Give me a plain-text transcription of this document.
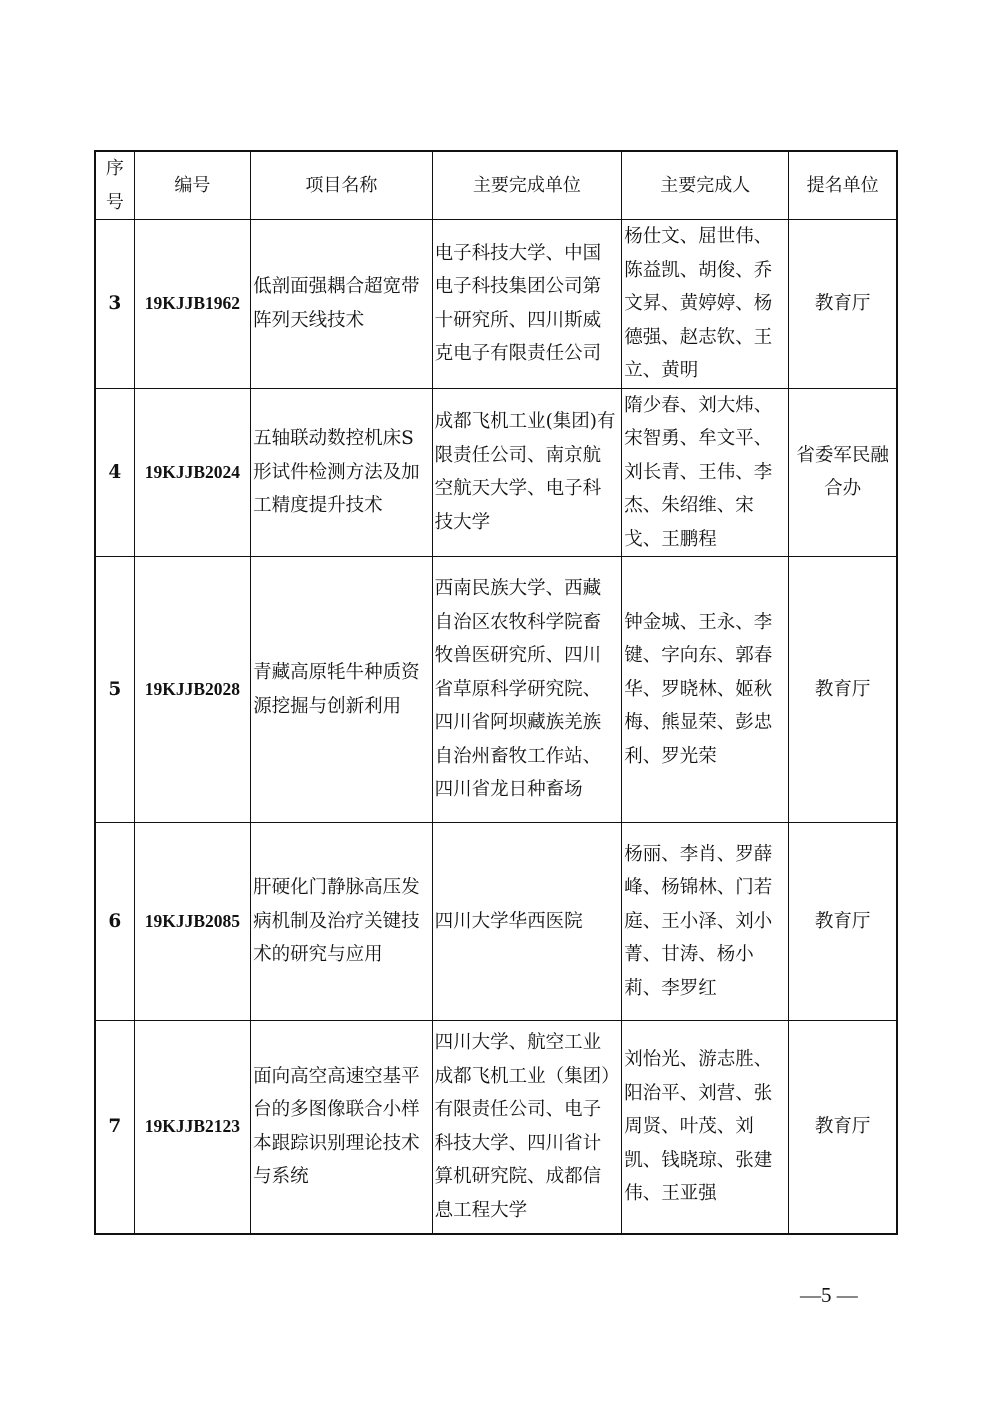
序号	编号	项目名称	主要完成单位	主要完成人	提名单位
3	19KJJB1962	低剖面强耦合超宽带阵列天线技术	电子科技大学、中国电子科技集团公司第十研究所、四川斯威克电子有限责任公司	杨仕文、屈世伟、陈益凯、胡俊、乔文昇、黄婷婷、杨德强、赵志钦、王立、黄明	教育厅
4	19KJJB2024	五轴联动数控机床S形试件检测方法及加工精度提升技术	成都飞机工业(集团)有限责任公司、南京航空航天大学、电子科技大学	隋少春、刘大炜、宋智勇、牟文平、刘长青、王伟、李杰、朱绍维、宋戈、王鹏程	省委军民融合办
5	19KJJB2028	青藏高原牦牛种质资源挖掘与创新利用	西南民族大学、西藏自治区农牧科学院畜牧兽医研究所、四川省草原科学研究院、四川省阿坝藏族羌族自治州畜牧工作站、四川省龙日种畜场	钟金城、王永、李键、字向东、郭春华、罗晓林、姬秋梅、熊显荣、彭忠利、罗光荣	教育厅
6	19KJJB2085	肝硬化门静脉高压发病机制及治疗关键技术的研究与应用	四川大学华西医院	杨丽、李肖、罗薛峰、杨锦林、门若庭、王小泽、刘小菁、甘涛、杨小莉、李罗红	教育厅
7	19KJJB2123	面向高空高速空基平台的多图像联合小样本跟踪识别理论技术与系统	四川大学、航空工业成都飞机工业（集团）有限责任公司、电子科技大学、四川省计算机研究院、成都信息工程大学	刘怡光、游志胜、阳治平、刘营、张周贤、叶茂、刘凯、钱晓琼、张建伟、王亚强	教育厅
—5 —
